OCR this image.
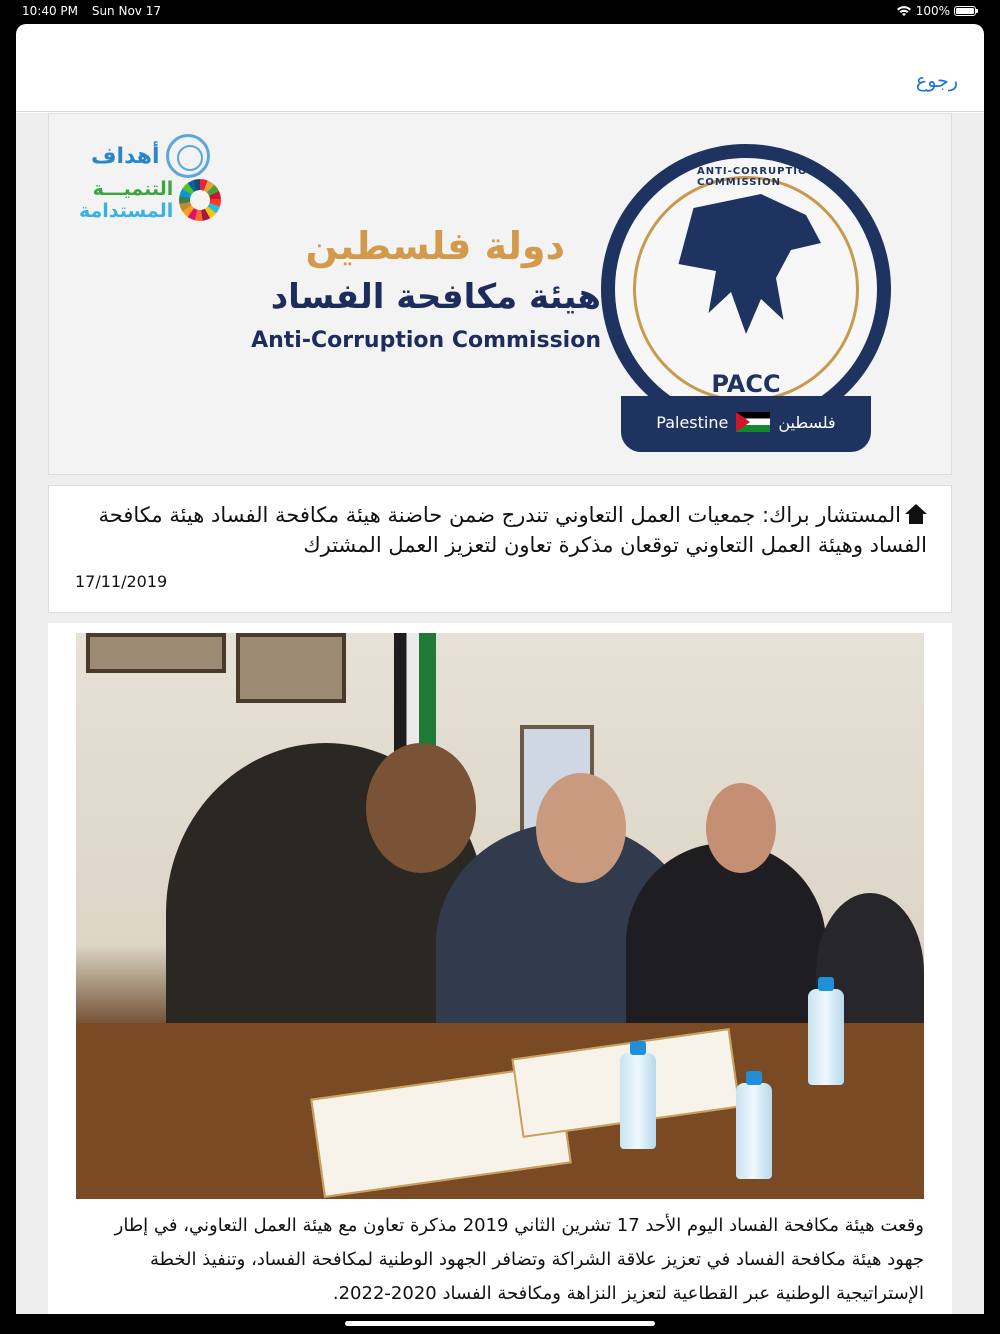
10:40 PM Sun Nov 17	100%
رجوع
أهداف
التنميـــة
المستدامة
دولة فلسطين
هيئة مكافحة الفساد
Anti-Corruption Commission
ANTI-CORRUPTION COMMISSION
PACC
Palestine	فلسطين
المستشار براك: جمعيات العمل التعاوني تندرج ضمن حاضنة هيئة مكافحة الفساد هيئة مكافحة الفساد وهيئة العمل التعاوني توقعان مذكرة تعاون لتعزيز العمل المشترك
17/11/2019
وقعت هيئة مكافحة الفساد اليوم الأحد 17 تشرين الثاني 2019 مذكرة تعاون مع هيئة العمل التعاوني، في إطار جهود هيئة مكافحة الفساد في تعزيز علاقة الشراكة وتضافر الجهود الوطنية لمكافحة الفساد، وتنفيذ الخطة الإستراتيجية الوطنية عبر القطاعية لتعزيز النزاهة ومكافحة الفساد 2020-2022.
